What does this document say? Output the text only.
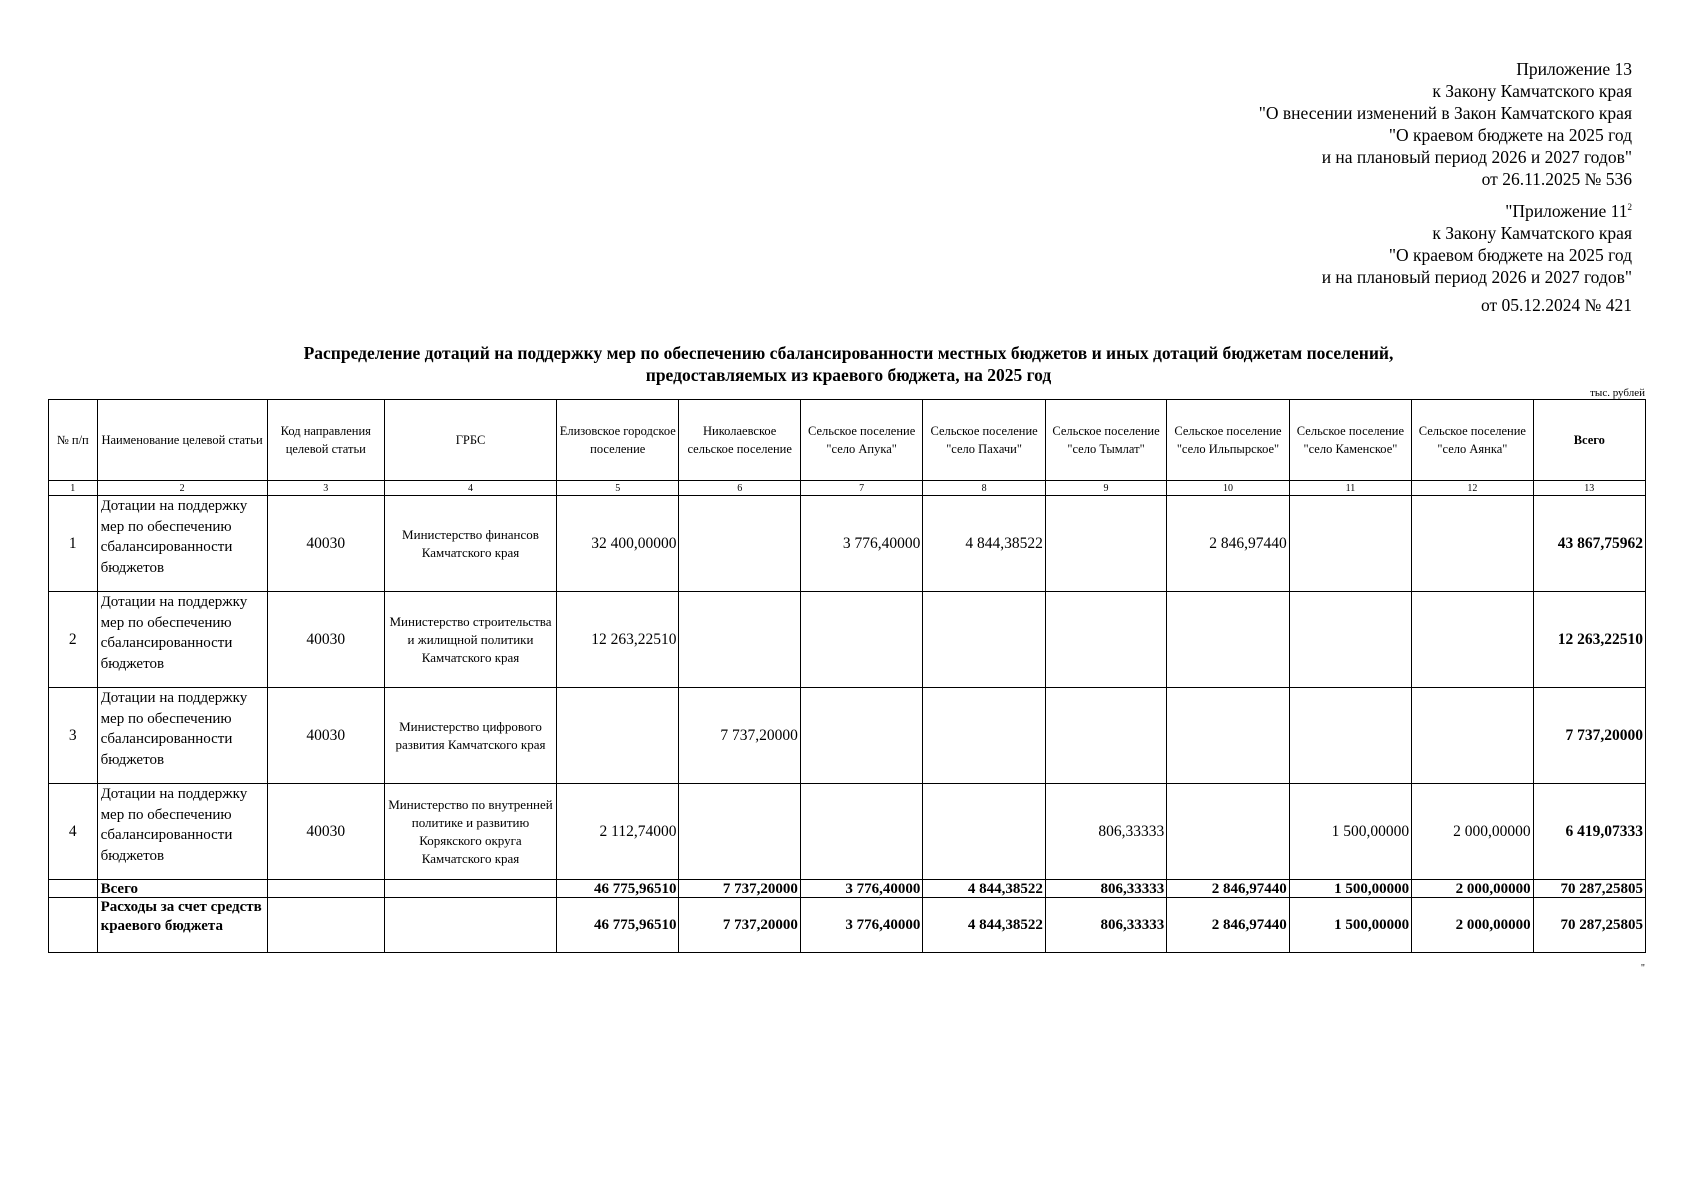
Приложение 13
к Закону Камчатского края
"О внесении изменений в Закон Камчатского края
"О краевом бюджете на 2025 год
и на плановый период 2026 и 2027 годов"
от 26.11.2025 № 536
"Приложение $11^2$
к Закону Камчатского края
"О краевом бюджете на 2025 год
и на плановый период 2026 и 2027 годов"
от 05.12.2024 № 421
Распределение дотаций на поддержку мер по обеспечению сбалансированности местных бюджетов и иных дотаций бюджетам поселений,
предоставляемых из краевого бюджета, на 2025 год
тыс. рублей
№ п/п	Наименование целевой статьи	Код направления целевой статьи	ГРБС	Елизовское городское поселение	Николаевское сельское поселение	Сельское поселение "село Апука"	Сельское поселение "село Пахачи"	Сельское поселение "село Тымлат"	Сельское поселение "село Ильпырское"	Сельское поселение "село Каменское"	Сельское поселение "село Аянка"	Всего
1	2	3	4	5	6	7	8	9	10	11	12	13
1	Дотации на поддержку мер по обеспечению сбалансированности бюджетов	40030	Министерство финансов Камчатского края	32 400,00000		3 776,40000	4 844,38522		2 846,97440			43 867,75962
2	Дотации на поддержку мер по обеспечению сбалансированности бюджетов	40030	Министерство строительства и жилищной политики Камчатского края	12 263,22510								12 263,22510
3	Дотации на поддержку мер по обеспечению сбалансированности бюджетов	40030	Министерство цифрового развития Камчатского края		7 737,20000							7 737,20000
4	Дотации на поддержку мер по обеспечению сбалансированности бюджетов	40030	Министерство по внутренней политике и развитию Корякского округа Камчатского края	2 112,74000				806,33333		1 500,00000	2 000,00000	6 419,07333
	Всего			46 775,96510	7 737,20000	3 776,40000	4 844,38522	806,33333	2 846,97440	1 500,00000	2 000,00000	70 287,25805
	Расходы за счет средств краевого бюджета			46 775,96510	7 737,20000	3 776,40000	4 844,38522	806,33333	2 846,97440	1 500,00000	2 000,00000	70 287,25805
"
